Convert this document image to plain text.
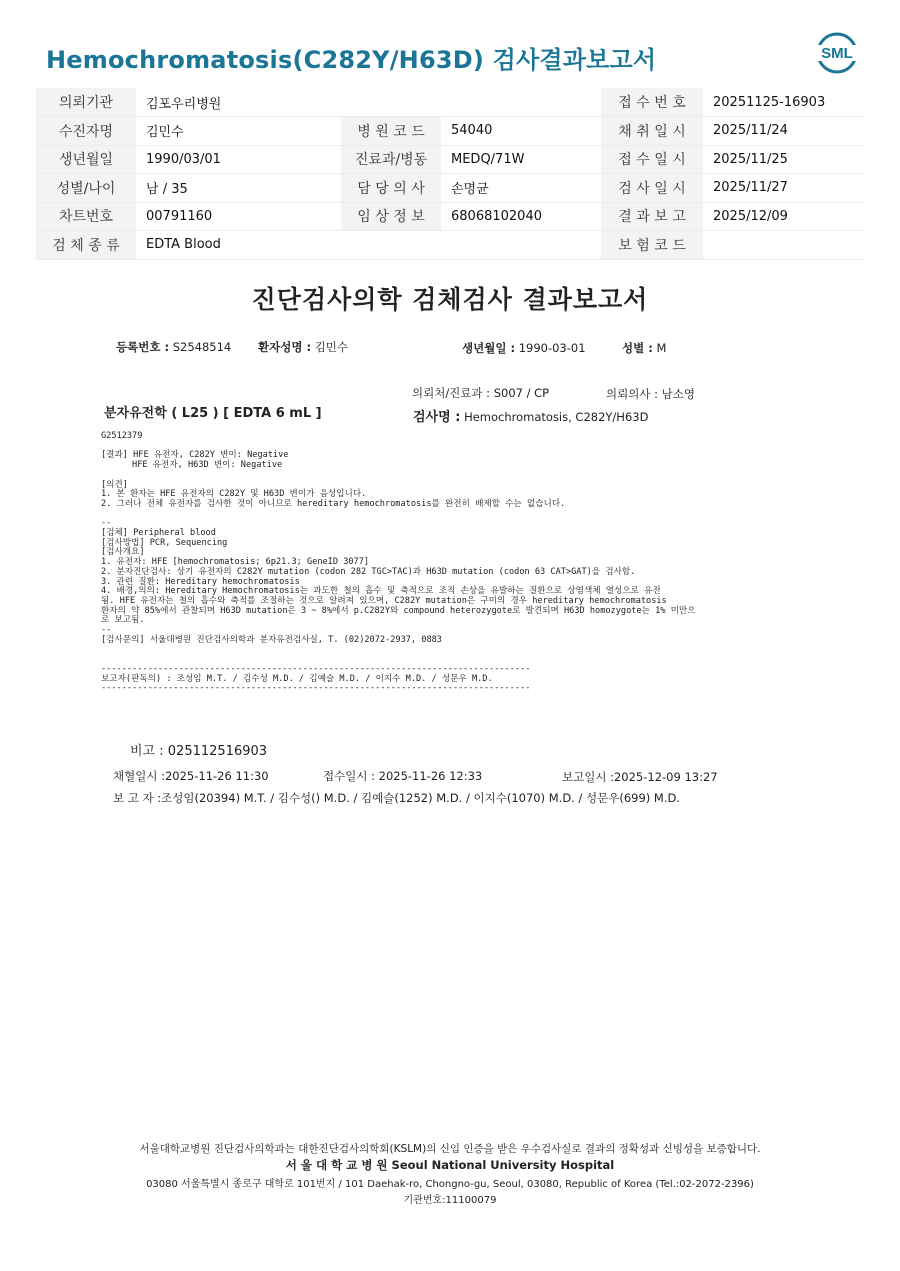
Hemochromatosis(C282Y/H63D) 검사결과보고서	SML
의뢰기관	김포우리병원			접 수 번 호	20251125-16903
수진자명	김민수	병 원 코 드	54040	채 취 일 시	2025/11/24
생년월일	1990/03/01	진료과/병동	MEDQ/71W	접 수 일 시	2025/11/25
성별/나이	남 / 35	담 당 의 사	손명균	검 사 일 시	2025/11/27
차트번호	00791160	임 상 정 보	68068102040	결 과 보 고	2025/12/09
검 체 종 류	EDTA Blood			보 험 코 드	
진단검사의학 검체검사 결과보고서
등록번호 : S2548514 환자성명 : 김민수	생년월일 : 1990-03-01	성별 : M
의뢰처/진료과 : S007 / CP	의뢰의사 : 남소영
분자유전학 ( L25 ) [ EDTA 6 mL ]	검사명 : Hemochromatosis, C282Y/H63D
G2512379

[결과] HFE 유전자, C282Y 변이: Negative
HFE 유전자, H63D 변이: Negative

[의견]
1. 본 환자는 HFE 유전자의 C282Y 및 H63D 변이가 음성입니다.
2. 그러나 전체 유전자를 검사한 것이 아니므로 hereditary hemochromatosis를 완전히 배제할 수는 없습니다.

--
[검체] Peripheral blood
[검사방법] PCR, Sequencing
[검사개요]
1. 유전자: HFE [hemochromatosis; 6p21.3; GeneID 3077]
2. 분자진단검사: 상기 유전자의 C282Y mutation (codon 282 TGC>TAC)과 H63D mutation (codon 63 CAT>GAT)을 검사함.
3. 관련 질환: Hereditary hemochromatosis
4. 배경,의의: Hereditary Hemochromatosis는 과도한 철의 흡수 및 축적으로 조직 손상을 유발하는 질환으로 상염색체 열성으로 유전
됨. HFE 유전자는 철의 흡수와 축적를 조절하는 것으로 알려져 있으며, C282Y mutation은 구미의 경우 hereditary hemochromatosis
환자의 약 85%에서 관찰되며 H63D mutation은 3 ~ 8%에서 p.C282Y와 compound heterozygote로 발견되며 H63D homozygote는 1% 미만으
로 보고됨.
--
[검사문의] 서울대병원 진단검사의학과 분자유전검사실, T. (02)2072-2937, 0883

-----------------------------------------------------------------------------------
보고자(판독의) : 조성임 M.T. / 김수성 M.D. / 김예슬 M.D. / 이지수 M.D. / 성문우 M.D.
-----------------------------------------------------------------------------------
비고 : 025112516903
채혈일시 :2025-11-26 11:30	접수일시 : 2025-11-26 12:33	보고일시 :2025-12-09 13:27
보 고 자 :조성임(20394) M.T. / 김수성() M.D. / 김예슬(1252) M.D. / 이지수(1070) M.D. / 성문우(699) M.D.
서울대학교병원 진단검사의학과는 대한진단검사의학회(KSLM)의 신임 인증을 받은 우수검사실로 결과의 정확성과 신빙성을 보증합니다.
서 울 대 학 교 병 원 Seoul National University Hospital
03080 서울특별시 종로구 대학로 101번지 / 101 Daehak-ro, Chongno-gu, Seoul, 03080, Republic of Korea (Tel.:02-2072-2396)
기관번호:11100079
